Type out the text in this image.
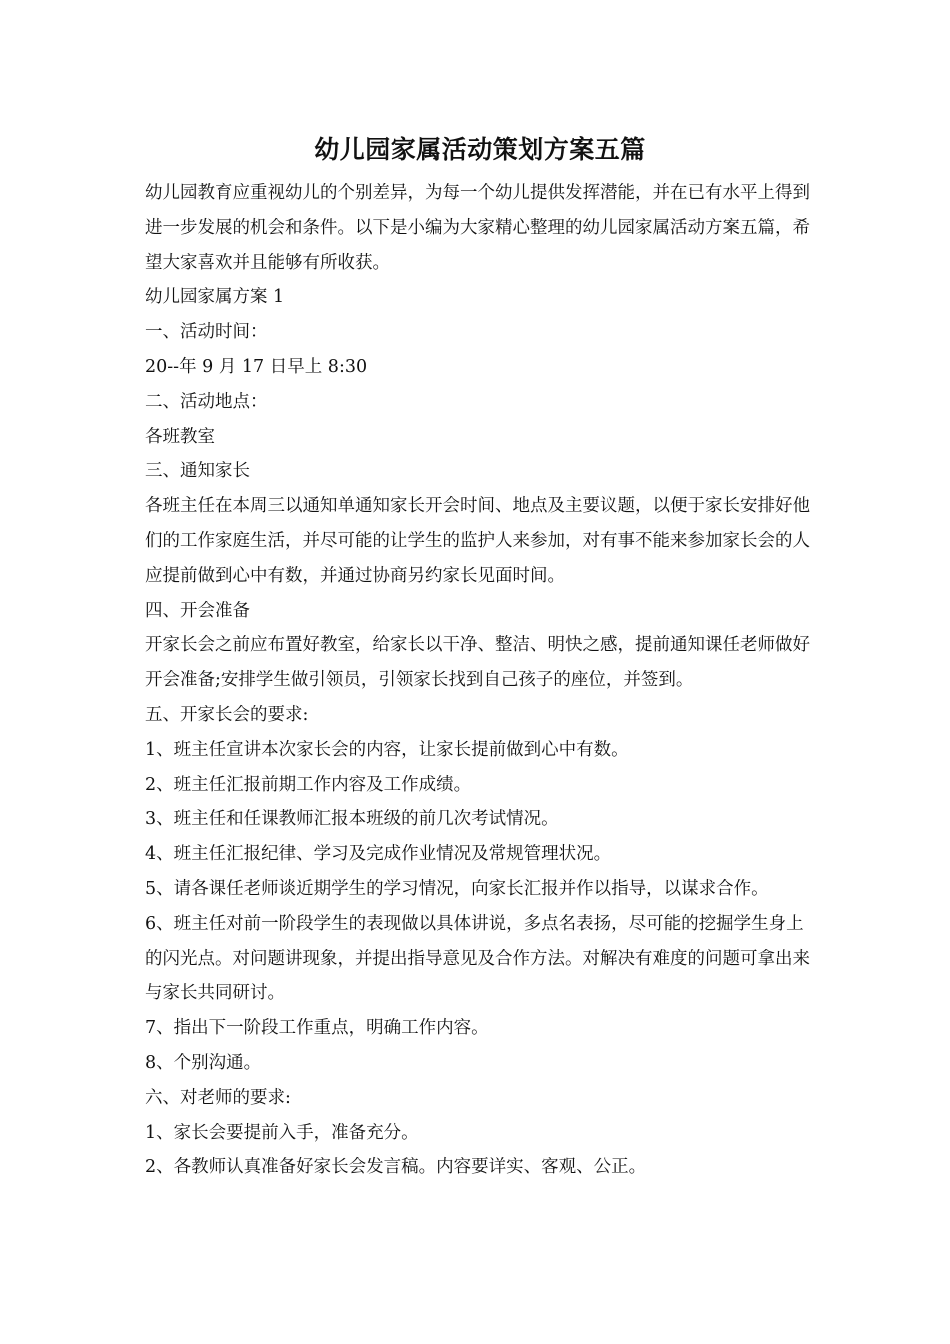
幼儿园家属活动策划方案五篇

幼儿园教育应重视幼儿的个别差异，为每一个幼儿提供发挥潜能，并在已有水平上得到进一步发展的机会和条件。以下是小编为大家精心整理的幼儿园家属活动方案五篇，希望大家喜欢并且能够有所收获。

幼儿园家属方案 1

一、活动时间：

20--年 9 月 17 日早上 8:30

二、活动地点：

各班教室

三、通知家长

各班主任在本周三以通知单通知家长开会时间、地点及主要议题，以便于家长安排好他们的工作家庭生活，并尽可能的让学生的监护人来参加，对有事不能来参加家长会的人应提前做到心中有数，并通过协商另约家长见面时间。

四、开会准备

开家长会之前应布置好教室，给家长以干净、整洁、明快之感，提前通知课任老师做好开会准备;安排学生做引领员，引领家长找到自己孩子的座位，并签到。

五、开家长会的要求:

1、班主任宣讲本次家长会的内容，让家长提前做到心中有数。

2、班主任汇报前期工作内容及工作成绩。

3、班主任和任课教师汇报本班级的前几次考试情况。

4、班主任汇报纪律、学习及完成作业情况及常规管理状况。

5、请各课任老师谈近期学生的学习情况，向家长汇报并作以指导，以谋求合作。

6、班主任对前一阶段学生的表现做以具体讲说，多点名表扬，尽可能的挖掘学生身上的闪光点。对问题讲现象，并提出指导意见及合作方法。对解决有难度的问题可拿出来与家长共同研讨。

7、指出下一阶段工作重点，明确工作内容。

8、个别沟通。

六、对老师的要求:

1、家长会要提前入手，准备充分。

2、各教师认真准备好家长会发言稿。内容要详实、客观、公正。
